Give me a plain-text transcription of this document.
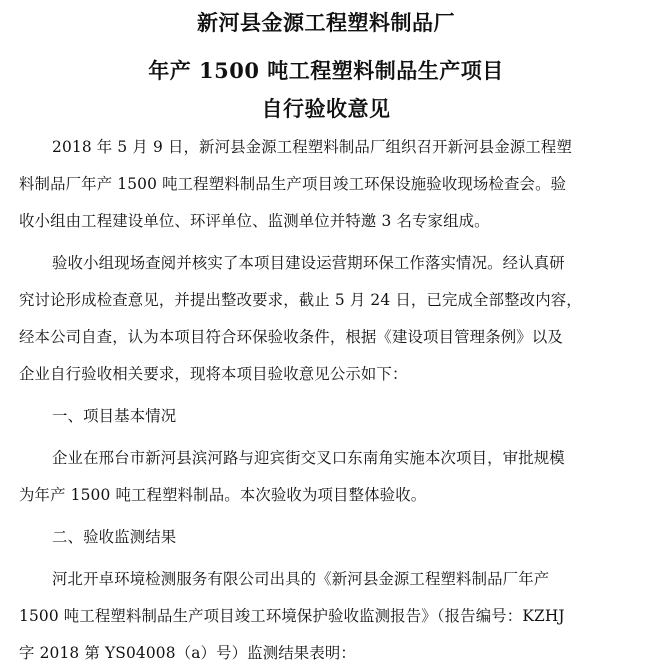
新河县金源工程塑料制品厂
年产 1500 吨工程塑料制品生产项目
自行验收意见
2018 年 5 月 9 日，新河县金源工程塑料制品厂组织召开新河县金源工程塑
料制品厂年产 1500 吨工程塑料制品生产项目竣工环保设施验收现场检查会。验
收小组由工程建设单位、环评单位、监测单位并特邀 3 名专家组成。
验收小组现场查阅并核实了本项目建设运营期环保工作落实情况。经认真研
究讨论形成检查意见，并提出整改要求，截止 5 月 24 日，已完成全部整改内容，
经本公司自查，认为本项目符合环保验收条件，根据《建设项目管理条例》以及
企业自行验收相关要求，现将本项目验收意见公示如下：
一、项目基本情况
企业在邢台市新河县滨河路与迎宾街交叉口东南角实施本次项目，审批规模
为年产 1500 吨工程塑料制品。本次验收为项目整体验收。
二、验收监测结果
河北开卓环境检测服务有限公司出具的《新河县金源工程塑料制品厂年产
1500 吨工程塑料制品生产项目竣工环境保护验收监测报告》（报告编号：KZHJ
字 2018 第 YS04008（a）号）监测结果表明：
